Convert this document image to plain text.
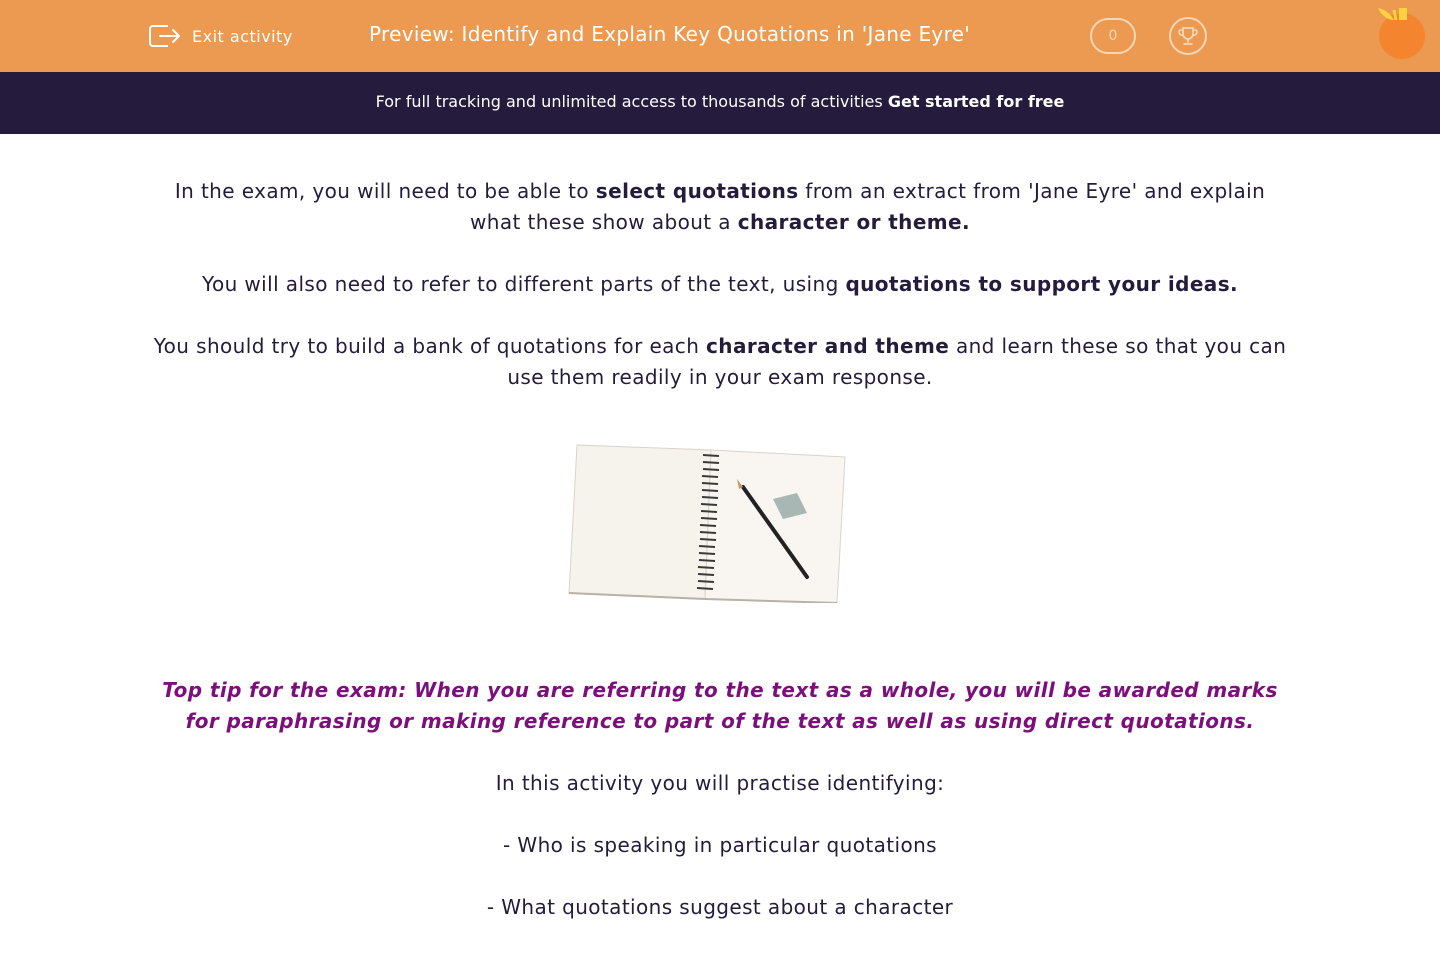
Exit activity	Preview: Identify and Explain Key Quotations in 'Jane Eyre'	0
For full tracking and unlimited access to thousands of activities Get started for free

In the exam, you will need to be able to select quotations from an extract from 'Jane Eyre' and explain what these show about a character or theme.

You will also need to refer to different parts of the text, using quotations to support your ideas.

You should try to build a bank of quotations for each character and theme and learn these so that you can use them readily in your exam response.

Top tip for the exam: When you are referring to the text as a whole, you will be awarded marks for paraphrasing or making reference to part of the text as well as using direct quotations.

In this activity you will practise identifying:

- Who is speaking in particular quotations

- What quotations suggest about a character
